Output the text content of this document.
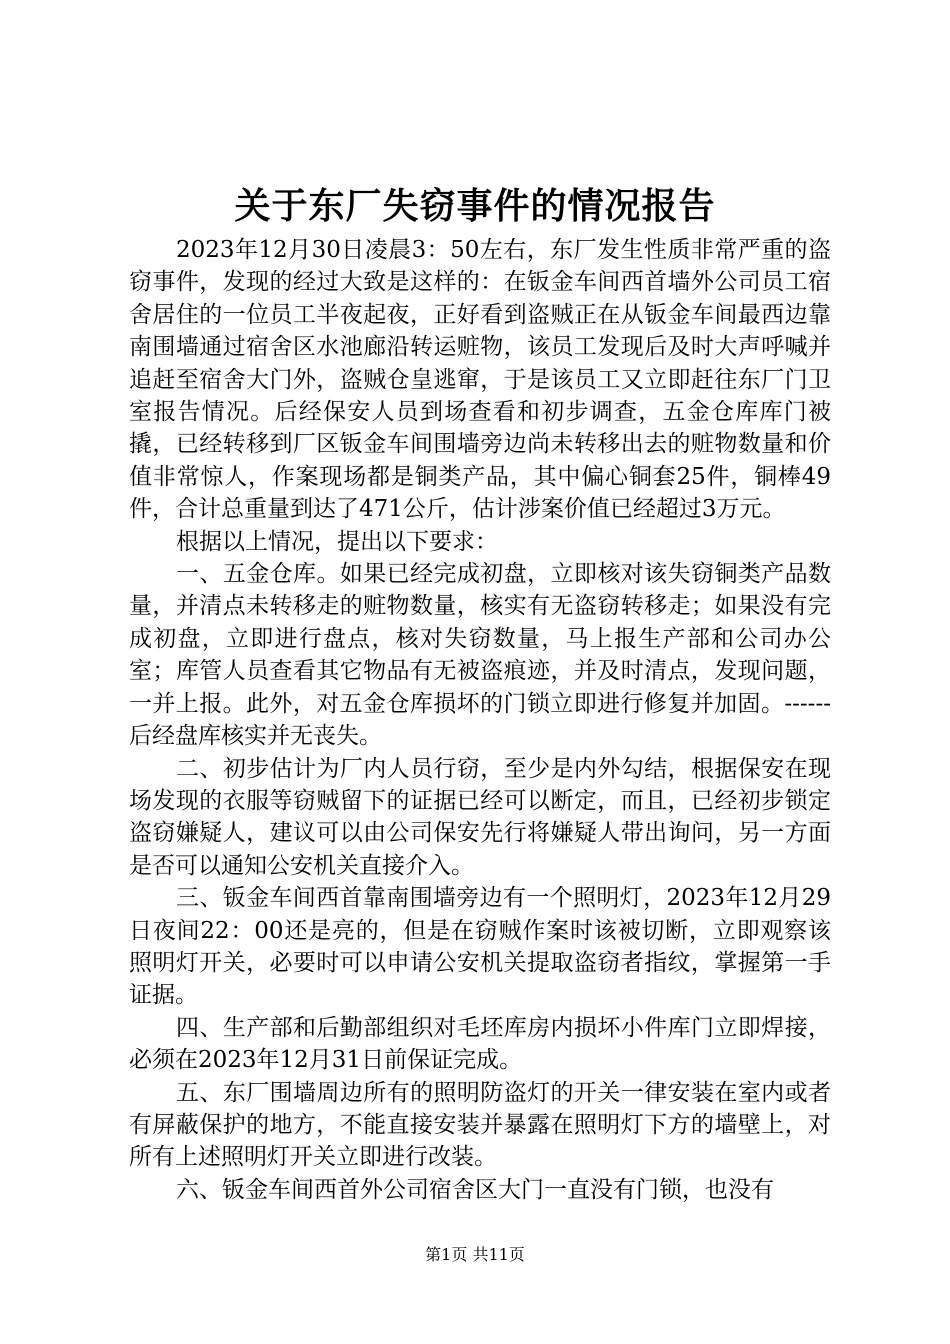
关于东厂失窃事件的情况报告

2023年12月30日凌晨3：50左右，东厂发生性质非常严重的盗窃事件，发现的经过大致是这样的：在钣金车间西首墙外公司员工宿舍居住的一位员工半夜起夜，正好看到盗贼正在从钣金车间最西边靠南围墙通过宿舍区水池廊沿转运赃物，该员工发现后及时大声呼喊并追赶至宿舍大门外，盗贼仓皇逃窜，于是该员工又立即赶往东厂门卫室报告情况。后经保安人员到场查看和初步调查，五金仓库库门被撬，已经转移到厂区钣金车间围墙旁边尚未转移出去的赃物数量和价值非常惊人，作案现场都是铜类产品，其中偏心铜套25件，铜棒49件，合计总重量到达了471公斤，估计涉案价值已经超过3万元。

根据以上情况，提出以下要求：

一、五金仓库。如果已经完成初盘，立即核对该失窃铜类产品数量，并清点未转移走的赃物数量，核实有无盗窃转移走；如果没有完成初盘，立即进行盘点，核对失窃数量，马上报生产部和公司办公室；库管人员查看其它物品有无被盗痕迹，并及时清点，发现问题，一并上报。此外，对五金仓库损坏的门锁立即进行修复并加固。------后经盘库核实并无丧失。

二、初步估计为厂内人员行窃，至少是内外勾结，根据保安在现场发现的衣服等窃贼留下的证据已经可以断定，而且，已经初步锁定盗窃嫌疑人，建议可以由公司保安先行将嫌疑人带出询问，另一方面是否可以通知公安机关直接介入。

三、钣金车间西首靠南围墙旁边有一个照明灯，2023年12月29日夜间22：00还是亮的，但是在窃贼作案时该被切断，立即观察该照明灯开关，必要时可以申请公安机关提取盗窃者指纹，掌握第一手证据。

四、生产部和后勤部组织对毛坯库房内损坏小件库门立即焊接，必须在2023年12月31日前保证完成。

五、东厂围墙周边所有的照明防盗灯的开关一律安装在室内或者有屏蔽保护的地方，不能直接安装并暴露在照明灯下方的墙壁上，对所有上述照明灯开关立即进行改装。

六、钣金车间西首外公司宿舍区大门一直没有门锁，也没有

第1页 共11页
